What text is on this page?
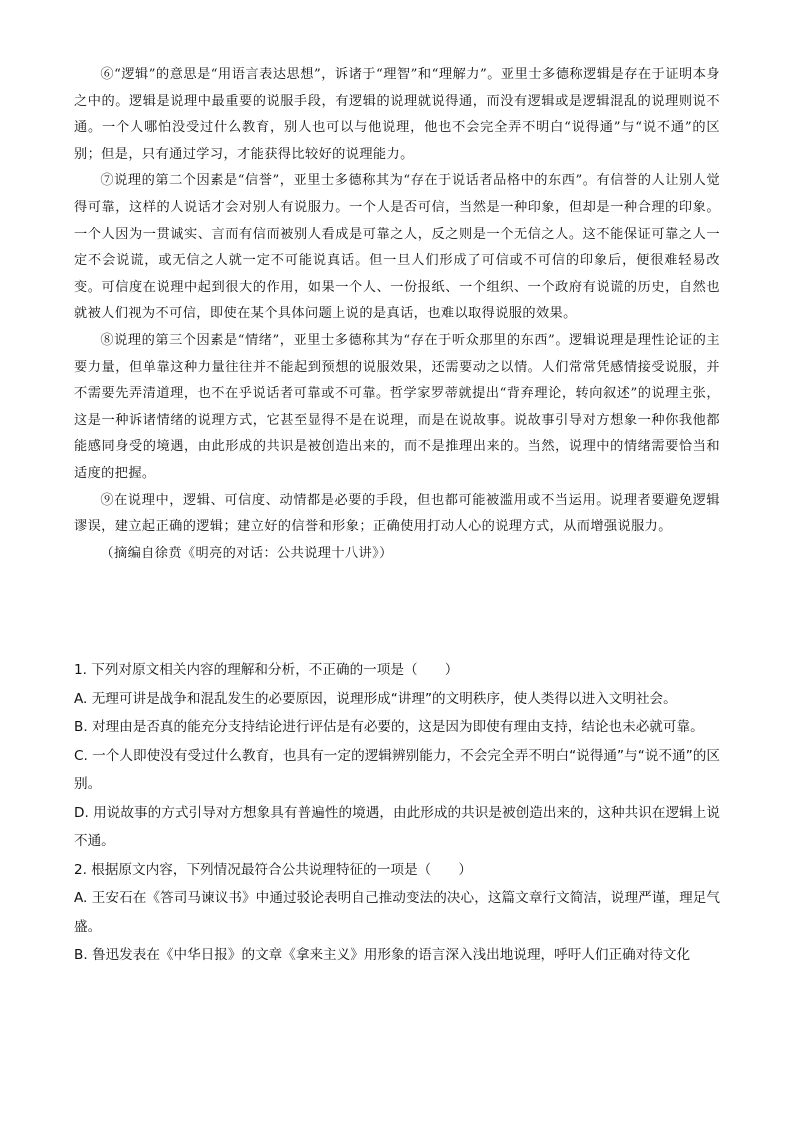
⑥“逻辑”的意思是“用语言表达思想”，诉诸于“理智”和“理解力”。亚里士多德称逻辑是存在于证明本身之中的。逻辑是说理中最重要的说服手段，有逻辑的说理就说得通，而没有逻辑或是逻辑混乱的说理则说不通。一个人哪怕没受过什么教育，别人也可以与他说理，他也不会完全弄不明白“说得通”与“说不通”的区别；但是，只有通过学习，才能获得比较好的说理能力。

⑦说理的第二个因素是“信誉”，亚里士多德称其为“存在于说话者品格中的东西”。有信誉的人让别人觉得可靠，这样的人说话才会对别人有说服力。一个人是否可信，当然是一种印象，但却是一种合理的印象。一个人因为一贯诚实、言而有信而被别人看成是可靠之人，反之则是一个无信之人。这不能保证可靠之人一定不会说谎，或无信之人就一定不可能说真话。但一旦人们形成了可信或不可信的印象后，便很难轻易改变。可信度在说理中起到很大的作用，如果一个人、一份报纸、一个组织、一个政府有说谎的历史，自然也就被人们视为不可信，即使在某个具体问题上说的是真话，也难以取得说服的效果。

⑧说理的第三个因素是“情绪”，亚里士多德称其为“存在于听众那里的东西”。逻辑说理是理性论证的主要力量，但单靠这种力量往往并不能起到预想的说服效果，还需要动之以情。人们常常凭感情接受说服，并不需要先弄清道理，也不在乎说话者可靠或不可靠。哲学家罗蒂就提出“背弃理论，转向叙述”的说理主张，这是一种诉诸情绪的说理方式，它甚至显得不是在说理，而是在说故事。说故事引导对方想象一种你我他都能感同身受的境遇，由此形成的共识是被创造出来的，而不是推理出来的。当然，说理中的情绪需要恰当和适度的把握。

⑨在说理中，逻辑、可信度、动情都是必要的手段，但也都可能被滥用或不当运用。说理者要避免逻辑谬误，建立起正确的逻辑；建立好的信誉和形象；正确使用打动人心的说理方式，从而增强说服力。

（摘编自徐贲《明亮的对话：公共说理十八讲》）

1. 下列对原文相关内容的理解和分析，不正确的一项是（　　）

A. 无理可讲是战争和混乱发生的必要原因，说理形成“讲理”的文明秩序，使人类得以进入文明社会。

B. 对理由是否真的能充分支持结论进行评估是有必要的，这是因为即使有理由支持，结论也未必就可靠。

C. 一个人即使没有受过什么教育，也具有一定的逻辑辨别能力，不会完全弄不明白“说得通”与“说不通”的区别。

D. 用说故事的方式引导对方想象具有普遍性的境遇，由此形成的共识是被创造出来的，这种共识在逻辑上说不通。

2. 根据原文内容，下列情况最符合公共说理特征的一项是（　　）

A. 王安石在《答司马谏议书》中通过驳论表明自己推动变法的决心，这篇文章行文简洁，说理严谨，理足气盛。

B. 鲁迅发表在《中华日报》的文章《拿来主义》用形象的语言深入浅出地说理，呼吁人们正确对待文化
